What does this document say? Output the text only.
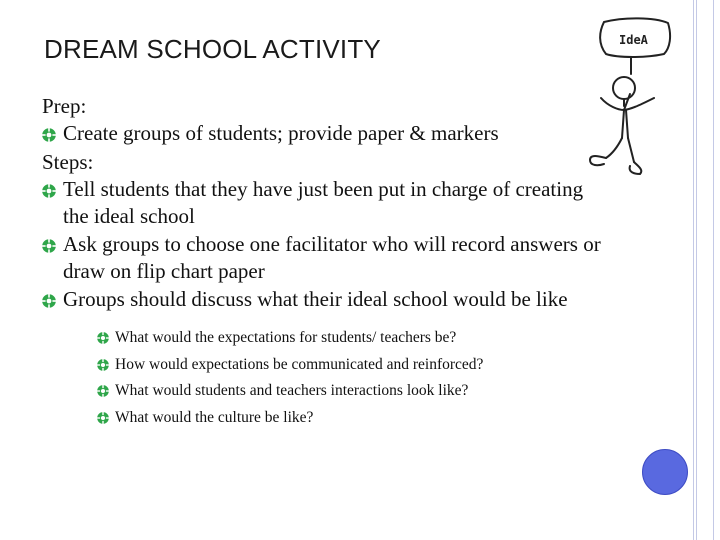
DREAM SCHOOL ACTIVITY
Prep:
Create groups of students; provide paper & markers
Steps:
Tell students that they have just been put in charge of creating the ideal school
Ask groups to choose one facilitator who will record answers or draw on flip chart paper
Groups should discuss what their ideal school would be like
What would the expectations for students/ teachers be?
How would expectations be communicated and reinforced?
What would students and teachers interactions look like?
What would the culture be like?
IdeA
